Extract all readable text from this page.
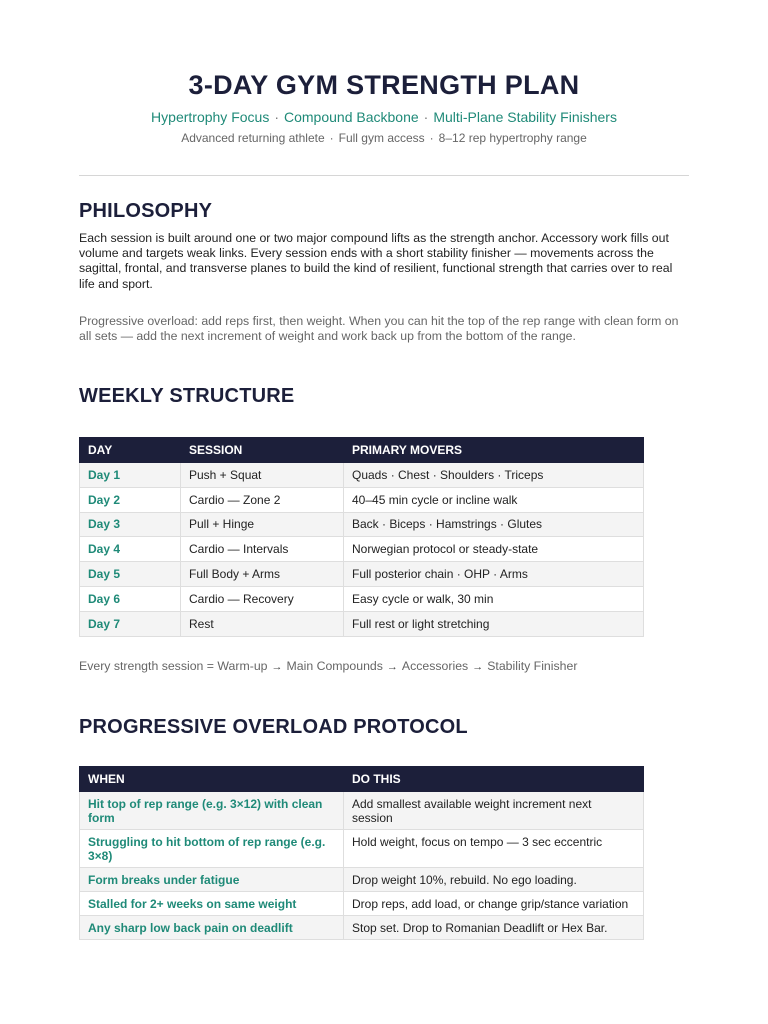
3-DAY GYM STRENGTH PLAN
Hypertrophy Focus · Compound Backbone · Multi-Plane Stability Finishers
Advanced returning athlete · Full gym access · 8–12 rep hypertrophy range
PHILOSOPHY

Each session is built around one or two major compound lifts as the strength anchor. Accessory work fills out volume and targets weak links. Every session ends with a short stability finisher — movements across the sagittal, frontal, and transverse planes to build the kind of resilient, functional strength that carries over to real life and sport.

Progressive overload: add reps first, then weight. When you can hit the top of the rep range with clean form on all sets — add the next increment of weight and work back up from the bottom of the range.

WEEKLY STRUCTURE
DAY	SESSION	PRIMARY MOVERS
Day 1	Push + Squat	Quads · Chest · Shoulders · Triceps
Day 2	Cardio — Zone 2	40–45 min cycle or incline walk
Day 3	Pull + Hinge	Back · Biceps · Hamstrings · Glutes
Day 4	Cardio — Intervals	Norwegian protocol or steady-state
Day 5	Full Body + Arms	Full posterior chain · OHP · Arms
Day 6	Cardio — Recovery	Easy cycle or walk, 30 min
Day 7	Rest	Full rest or light stretching
Every strength session = Warm-up → Main Compounds → Accessories → Stability Finisher
PROGRESSIVE OVERLOAD PROTOCOL
WHEN	DO THIS
Hit top of rep range (e.g. 3×12) with clean form	Add smallest available weight increment next session
Struggling to hit bottom of rep range (e.g. 3×8)	Hold weight, focus on tempo — 3 sec eccentric
Form breaks under fatigue	Drop weight 10%, rebuild. No ego loading.
Stalled for 2+ weeks on same weight	Drop reps, add load, or change grip/stance variation
Any sharp low back pain on deadlift	Stop set. Drop to Romanian Deadlift or Hex Bar.
